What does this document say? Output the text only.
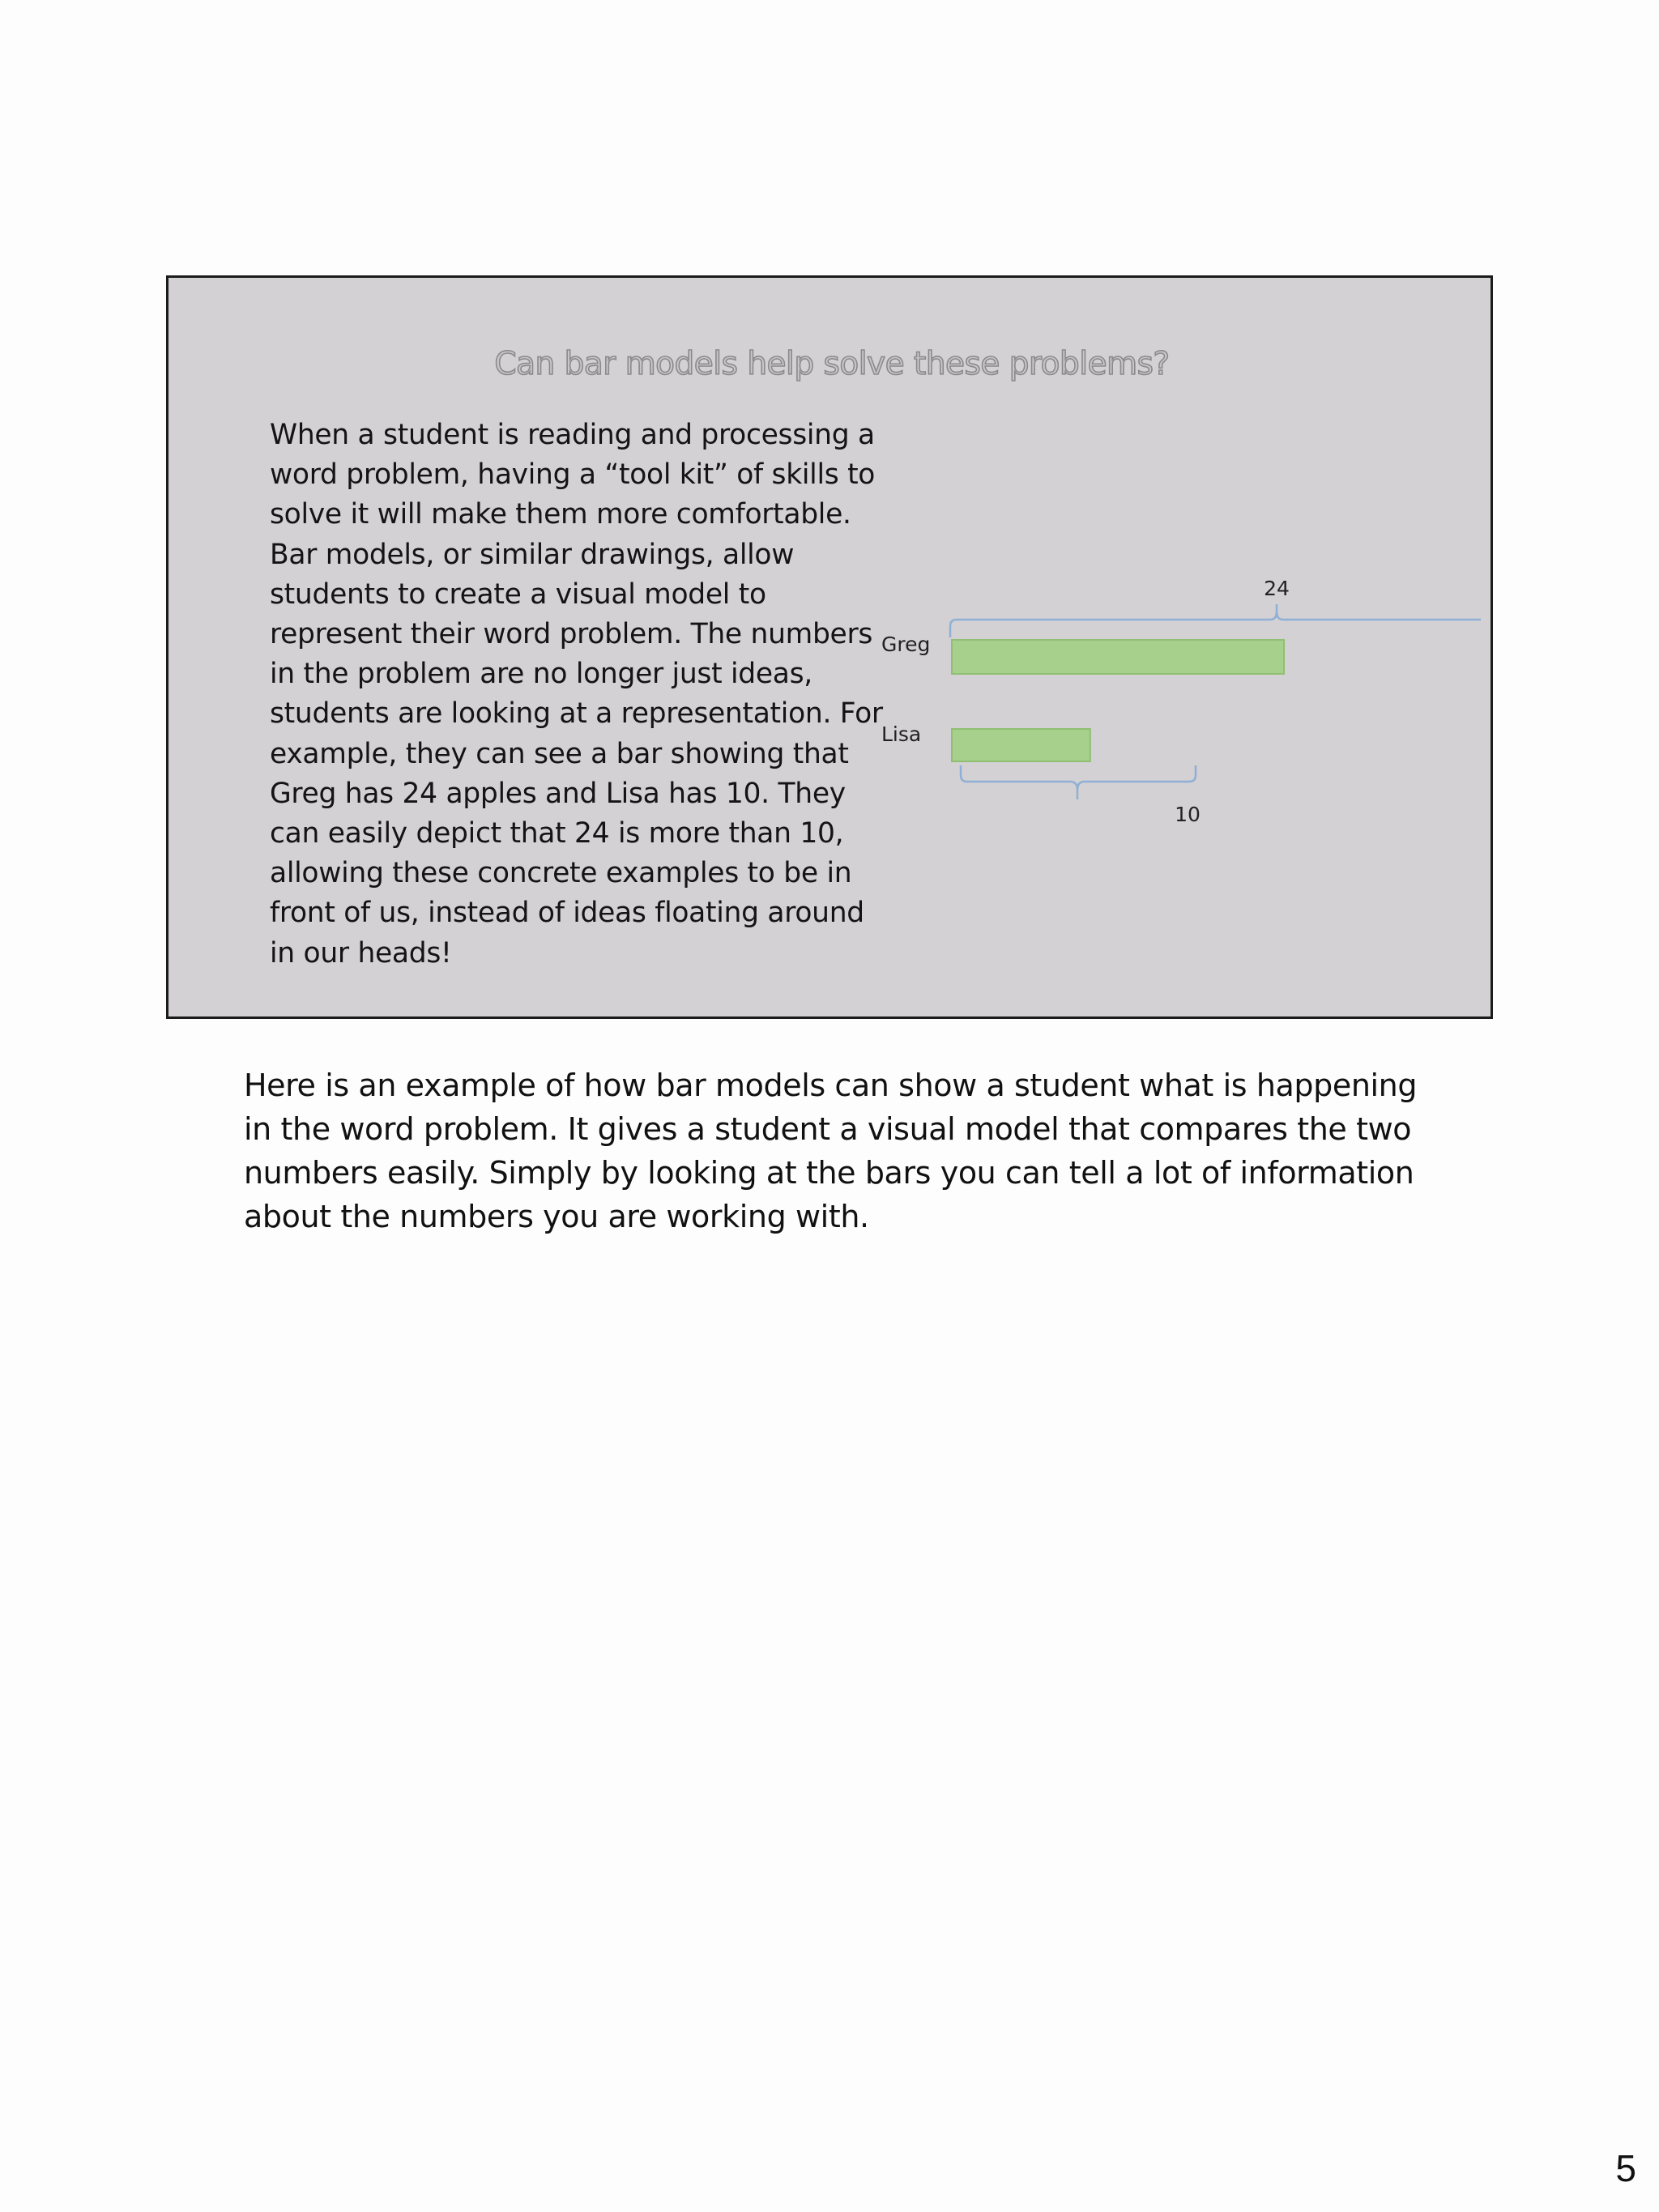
Can bar models help solve these problems?

When a student is reading and processing a word problem, having a “tool kit” of skills to solve it will make them more comfortable. Bar models, or similar drawings, allow students to create a visual model to represent their word problem. The numbers in the problem are no longer just ideas, students are looking at a representation. For example, they can see a bar showing that Greg has 24 apples and Lisa has 10. They can easily depict that 24 is more than 10, allowing these concrete examples to be in front of us, instead of ideas floating around in our heads!

Greg
24
Lisa
10

Here is an example of how bar models can show a student what is happening in the word problem. It gives a student a visual model that compares the two numbers easily. Simply by looking at the bars you can tell a lot of information about the numbers you are working with.

5
